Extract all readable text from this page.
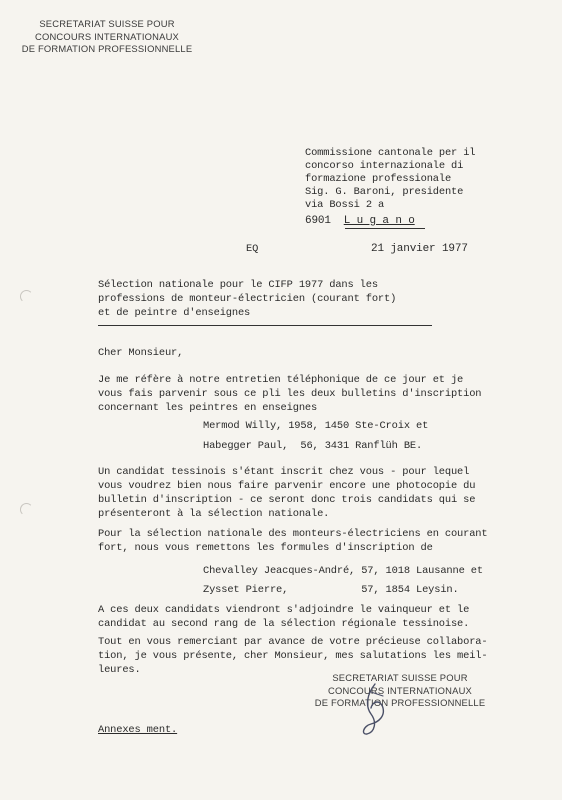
SECRETARIAT SUISSE POUR
CONCOURS INTERNATIONAUX
DE FORMATION PROFESSIONNELLE
Commissione cantonale per il
concorso internazionale di
formazione professionale
Sig. G. Baroni, presidente
via Bossi 2 a
6901 L u g a n o
EQ	21 janvier 1977
Sélection nationale pour le CIFP 1977 dans les
professions de monteur-électricien (courant fort)
et de peintre d'enseignes
Cher Monsieur,
Je me réfère à notre entretien téléphonique de ce jour et je
vous fais parvenir sous ce pli les deux bulletins d'inscription
concernant les peintres en enseignes
Mermod Willy, 1958, 1450 Ste-Croix et
Habegger Paul,  56, 3431 Ranflüh BE.
Un candidat tessinois s'étant inscrit chez vous - pour lequel
vous voudrez bien nous faire parvenir encore une photocopie du
bulletin d'inscription - ce seront donc trois candidats qui se
présenteront à la sélection nationale.
Pour la sélection nationale des monteurs-électriciens en courant
fort, nous vous remettons les formules d'inscription de
Chevalley Jeacques-André, 57, 1018 Lausanne et
Zysset Pierre,            57, 1854 Leysin.
A ces deux candidats viendront s'adjoindre le vainqueur et le
candidat au second rang de la sélection régionale tessinoise.
Tout en vous remerciant par avance de votre précieuse collabora-
tion, je vous présente, cher Monsieur, mes salutations les meil-
leures.
SECRETARIAT SUISSE POUR
CONCOURS INTERNATIONAUX
DE FORMATION PROFESSIONNELLE
Annexes ment.
